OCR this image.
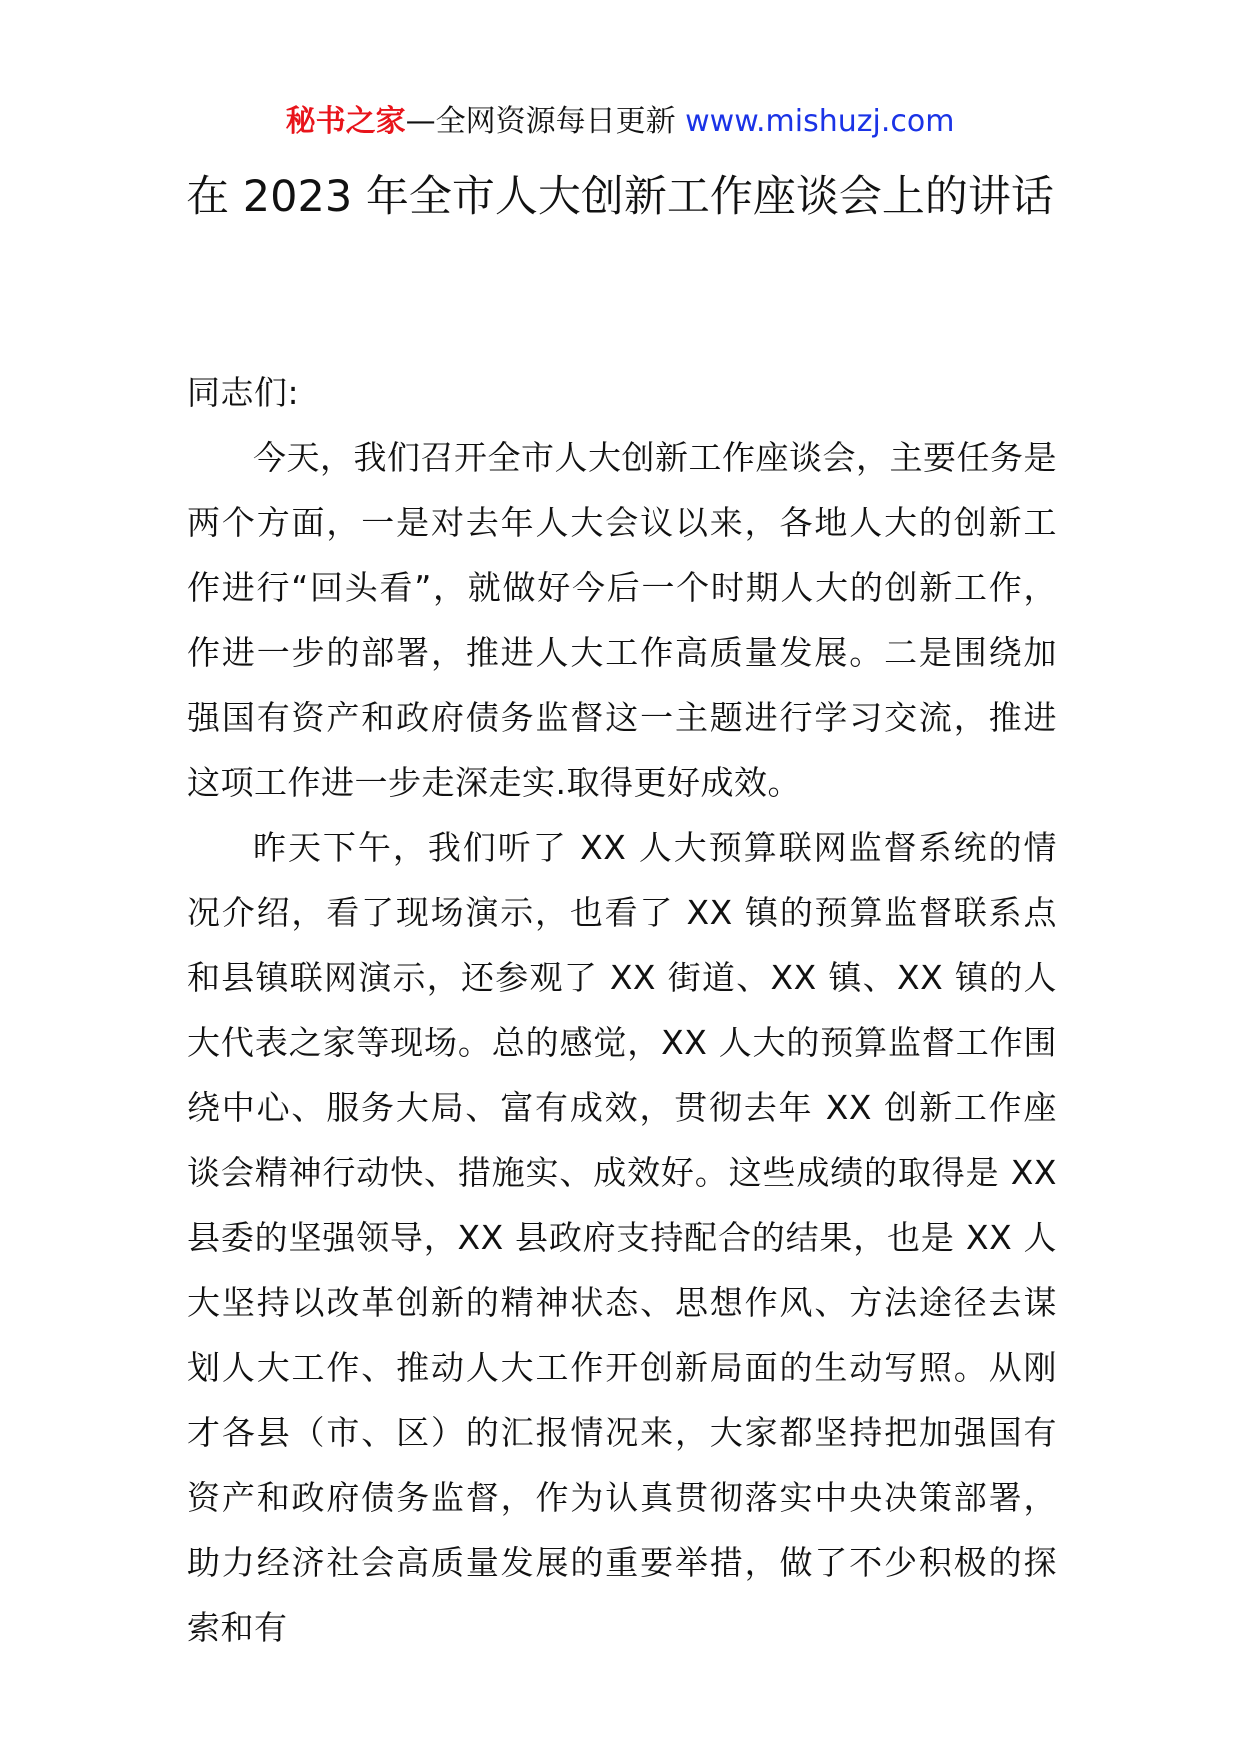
秘书之家—全网资源每日更新 www.mishuzj.com
在 2023 年全市人大创新工作座谈会上的讲话

同志们:

今天，我们召开全市人大创新工作座谈会，主要任务是两个方面，一是对去年人大会议以来，各地人大的创新工作进行“回头看”，就做好今后一个时期人大的创新工作，作进一步的部署，推进人大工作高质量发展。二是围绕加强国有资产和政府债务监督这一主题进行学习交流，推进这项工作进一步走深走实.取得更好成效。

昨天下午，我们听了 XX 人大预算联网监督系统的情况介绍，看了现场演示，也看了 XX 镇的预算监督联系点和县镇联网演示，还参观了 XX 街道、XX 镇、XX 镇的人大代表之家等现场。总的感觉，XX 人大的预算监督工作围绕中心、服务大局、富有成效，贯彻去年 XX 创新工作座谈会精神行动快、措施实、成效好。这些成绩的取得是 XX 县委的坚强领导，XX 县政府支持配合的结果，也是 XX 人大坚持以改革创新的精神状态、思想作风、方法途径去谋划人大工作、推动人大工作开创新局面的生动写照。从刚才各县（市、区）的汇报情况来，大家都坚持把加强国有资产和政府债务监督，作为认真贯彻落实中央决策部署，助力经济社会高质量发展的重要举措，做了不少积极的探索和有
